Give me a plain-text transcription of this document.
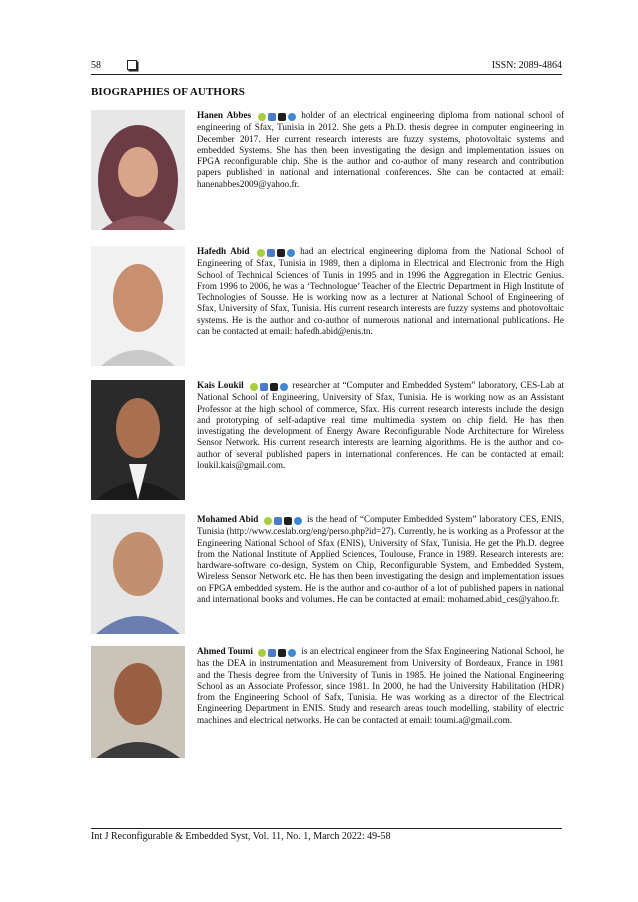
58	ISSN: 2089-4864
BIOGRAPHIES OF AUTHORS
Hanen Abbes	holder of an electrical engineering diploma from national school of engineering of Sfax, Tunisia in 2012. She gets a Ph.D. thesis degree in computer engineering in December 2017. Her current research interests are fuzzy systems, photovoltaic systems and embedded Systems. She has then been investigating the design and implementation issues on FPGA reconfigurable chip. She is the author and co-author of many research and contribution papers published in national and international conferences. She can be contacted at email: hanenabbes2009@yahoo.fr.
Hafedh Abid	had an electrical engineering diploma from the National School of Engineering of Sfax, Tunisia in 1989, then a diploma in Electrical and Electronic from the High School of Technical Sciences of Tunis in 1995 and in 1996 the Aggregation in Electric Genius. From 1996 to 2006, he was a ‘Technologue’ Teacher of the Electric Department in High Institute of Technologies of Sousse. He is working now as a lecturer at National School of Engineering of Sfax, University of Sfax, Tunisia. His current research interests are fuzzy systems and photovoltaic systems. He is the author and co-author of numerous national and international publications. He can be contacted at email: hafedh.abid@enis.tn.
Kais Loukil	researcher at “Computer and Embedded System” laboratory, CES-Lab at National School of Engineering, University of Sfax, Tunisia. He is working now as an Assistant Professor at the high school of commerce, Sfax. His current research interests include the design and prototyping of self-adaptive real time multimedia system on chip field. He has then investigating the development of Energy Aware Reconfigurable Node Architecture for Wireless Sensor Network. His current research interests are learning algorithms. He is the author and co-author of several published papers in international conferences. He can be contacted at email: loukil.kais@gmail.com.
Mohamed Abid	is the head of “Computer Embedded System” laboratory CES, ENIS, Tunisia (http://www.ceslab.org/eng/perso.php?id=27). Currently, he is working as a Professor at the Engineering National School of Sfax (ENIS), University of Sfax, Tunisia. He get the Ph.D. degree from the National Institute of Applied Sciences, Toulouse, France in 1989. Research interests are: hardware-software co-design, System on Chip, Reconfigurable System, and Embedded System, Wireless Sensor Network etc. He has then been investigating the design and implementation issues on FPGA embedded system. He is the author and co-author of a lot of published papers in national and international books and volumes. He can be contacted at email: mohamed.abid_ces@yahoo.fr.
Ahmed Toumi	is an electrical engineer from the Sfax Engineering National School, he has the DEA in instrumentation and Measurement from University of Bordeaux, France in 1981 and the Thesis degree from the University of Tunis in 1985. He joined the National Engineering School as an Associate Professor, since 1981. In 2000, he had the University Habilitation (HDR) from the Engineering School of Safx, Tunisia. He was working as a director of the Electrical Engineering Department in ENIS. Study and research areas touch modelling, stability of electric machines and electrical networks. He can be contacted at email: toumi.a@gmail.com.
Int J Reconfigurable & Embedded Syst, Vol. 11, No. 1, March 2022: 49-58
